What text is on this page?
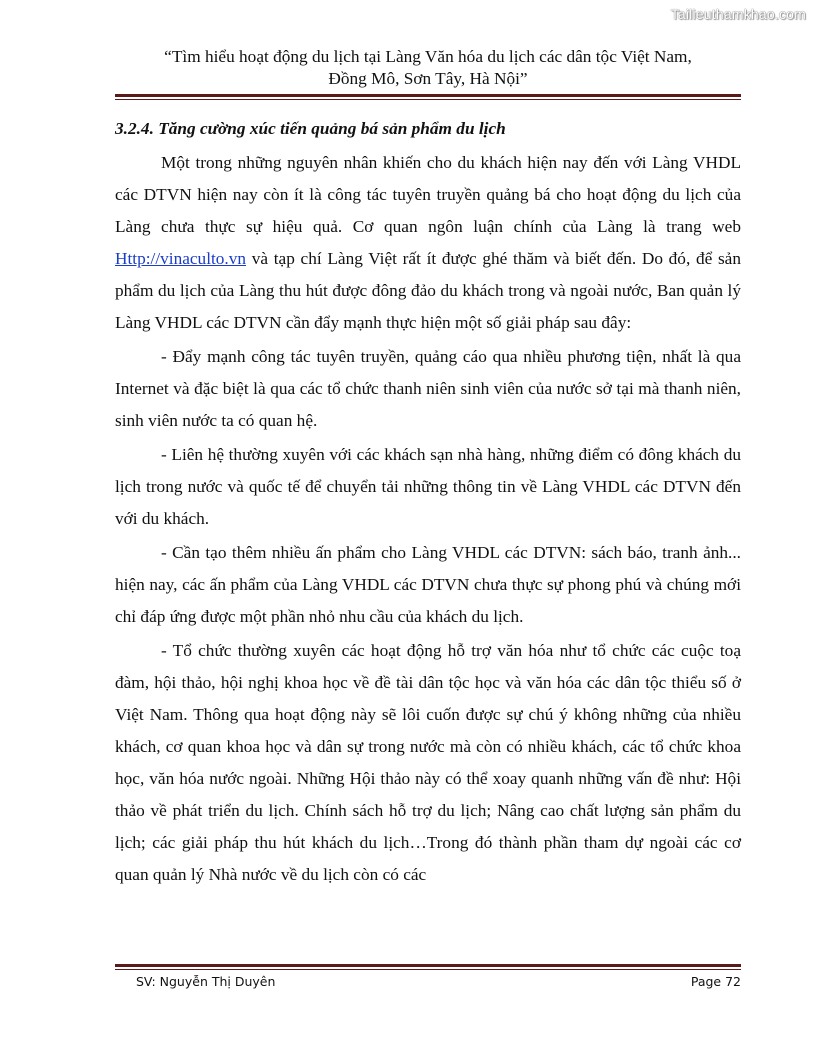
Tailieuthamkhao.com
“Tìm hiểu hoạt động du lịch tại Làng Văn hóa du lịch các dân tộc Việt Nam,
Đồng Mô, Sơn Tây, Hà Nội”
3.2.4. Tăng cường xúc tiến quảng bá sản phẩm du lịch

Một trong những nguyên nhân khiến cho du khách hiện nay đến với Làng VHDL các DTVN hiện nay còn ít là công tác tuyên truyền quảng bá cho hoạt động du lịch của Làng chưa thực sự hiệu quả. Cơ quan ngôn luận chính của Làng là trang web Http://vinaculto.vn và tạp chí Làng Việt rất ít được ghé thăm và biết đến. Do đó, để sản phẩm du lịch của Làng thu hút được đông đảo du khách trong và ngoài nước, Ban quản lý Làng VHDL các DTVN cần đẩy mạnh thực hiện một số giải pháp sau đây:

- Đẩy mạnh công tác tuyên truyền, quảng cáo qua nhiều phương tiện, nhất là qua Internet và đặc biệt là qua các tổ chức thanh niên sinh viên của nước sở tại mà thanh niên, sinh viên nước ta có quan hệ.

- Liên hệ thường xuyên với các khách sạn nhà hàng, những điểm có đông khách du lịch trong nước và quốc tế để chuyển tải những thông tin về Làng VHDL các DTVN đến với du khách.

- Cần tạo thêm nhiều ấn phẩm cho Làng VHDL các DTVN: sách báo, tranh ảnh... hiện nay, các ấn phẩm của Làng VHDL các DTVN chưa thực sự phong phú và chúng mới chỉ đáp ứng được một phần nhỏ nhu cầu của khách du lịch.

- Tổ chức thường xuyên các hoạt động hỗ trợ văn hóa như tổ chức các cuộc toạ đàm, hội thảo, hội nghị khoa học về đề tài dân tộc học và văn hóa các dân tộc thiểu số ở Việt Nam. Thông qua hoạt động này sẽ lôi cuốn được sự chú ý không những của nhiều khách, cơ quan khoa học và dân sự trong nước mà còn có nhiều khách, các tổ chức khoa học, văn hóa nước ngoài. Những Hội thảo này có thể xoay quanh những vấn đề như: Hội thảo về phát triển du lịch. Chính sách hỗ trợ du lịch; Nâng cao chất lượng sản phẩm du lịch; các giải pháp thu hút khách du lịch…Trong đó thành phần tham dự ngoài các cơ quan quản lý Nhà nước về du lịch còn có các

SV: Nguyễn Thị Duyên	Page 72
